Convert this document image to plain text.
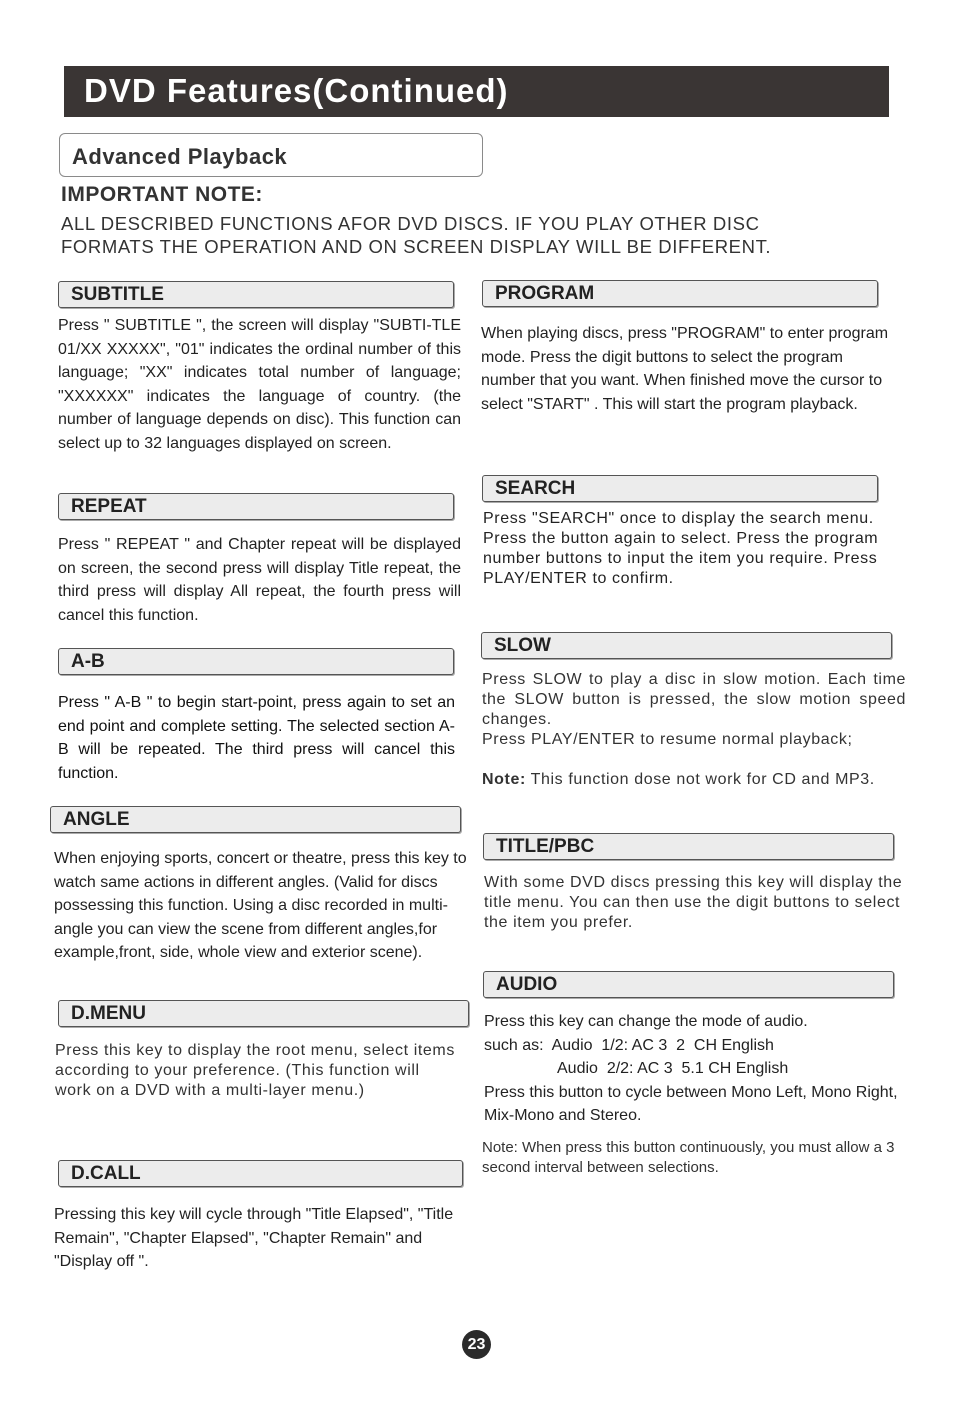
DVD Features(Continued)
Advanced Playback
IMPORTANT NOTE:
ALL DESCRIBED FUNCTIONS AFOR DVD DISCS. IF YOU PLAY OTHER DISC
FORMATS THE OPERATION AND ON SCREEN DISPLAY WILL BE DIFFERENT.
SUBTITLE
Press " SUBTITLE ", the screen will display "SUBTI-TLE 01/XX XXXXX", "01" indicates the ordinal number of this language; "XX" indicates total number of language; "XXXXXX" indicates the language of country. (the number of language depends on disc). This function can select up to 32 languages displayed on screen.
REPEAT
Press " REPEAT " and Chapter repeat will be displayed on screen, the second press will display Title repeat, the third press will display All repeat, the fourth press will cancel this function.
A-B
Press " A-B " to begin start-point, press again to set an end point and complete setting. The selected section A-B will be repeated. The third press will cancel this function.
ANGLE
When enjoying sports, concert or theatre, press this key to watch same actions in different angles. (Valid for discs possessing this function. Using a disc recorded in multi-angle you can view the scene from different angles,for example,front, side, whole view and exterior scene).
D.MENU
Press this key to display the root menu, select items according to your preference. (This function will work on a DVD with a multi-layer menu.)
D.CALL
Pressing this key will cycle through "Title Elapsed", "Title Remain", "Chapter Elapsed", "Chapter Remain" and "Display off ".
PROGRAM
When playing discs, press "PROGRAM" to enter program mode. Press the digit buttons to select the program number that you want. When finished move the cursor to select "START" . This will start the program playback.
SEARCH
Press "SEARCH" once to display the search menu. Press the button again to select. Press the program number buttons to input the item you require. Press PLAY/ENTER to confirm.
SLOW
Press SLOW to play a disc in slow motion. Each time the SLOW button is pressed, the slow motion speed changes.
Press PLAY/ENTER to resume normal playback;
Note: This function dose not work for CD and MP3.
TITLE/PBC
With some DVD discs pressing this key will display the title menu. You can then use the digit buttons to select the item you prefer.
AUDIO
Press this key can change the mode of audio.
such as:  Audio  1/2: AC 3  2  CH English
Audio  2/2: AC 3  5.1 CH English
Press this button to cycle between Mono Left, Mono Right, Mix-Mono and Stereo.
Note: When press this button continuously, you must allow a 3 second interval between selections.
23
